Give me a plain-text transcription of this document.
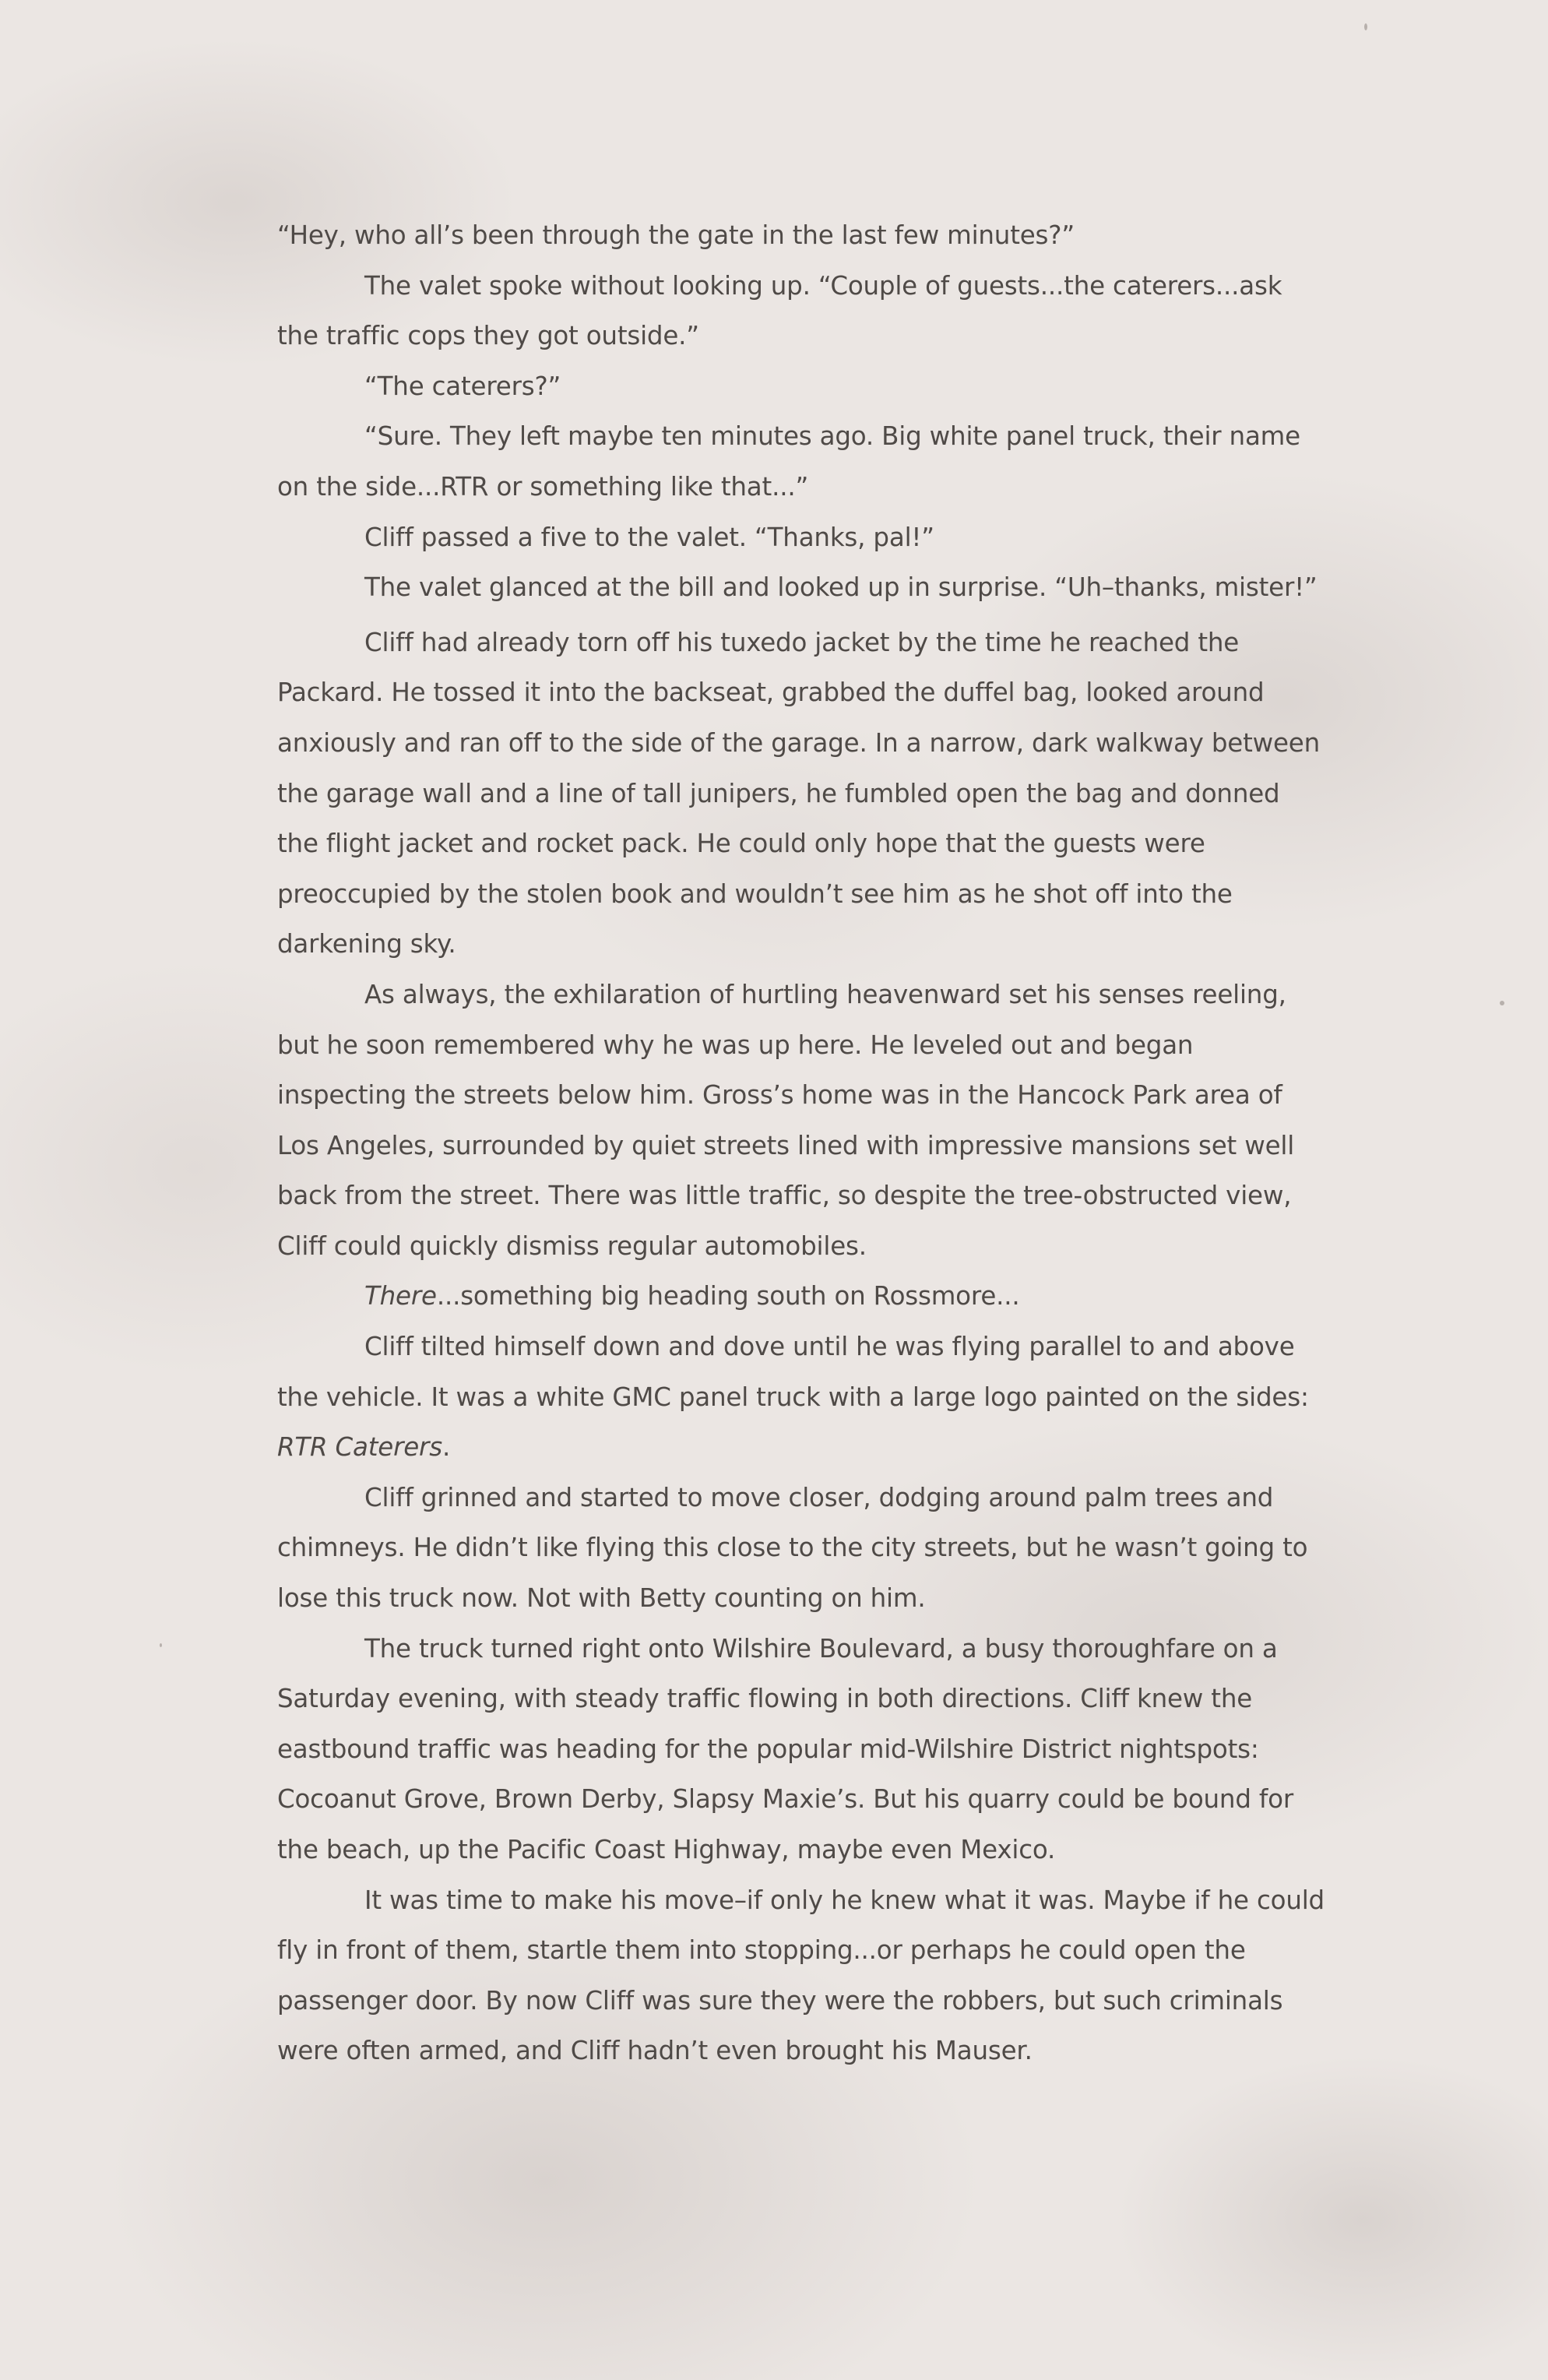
“Hey, who all’s been through the gate in the last few minutes?”

The valet spoke without looking up. “Couple of guests...the caterers...ask the traffic cops they got outside.”

“The caterers?”

“Sure. They left maybe ten minutes ago. Big white panel truck, their name on the side...RTR or something like that...”

Cliff passed a five to the valet. “Thanks, pal!”

The valet glanced at the bill and looked up in surprise. “Uh–thanks, mister!”

Cliff had already torn off his tuxedo jacket by the time he reached the Packard. He tossed it into the backseat, grabbed the duffel bag, looked around anxiously and ran off to the side of the garage. In a narrow, dark walkway between the garage wall and a line of tall junipers, he fumbled open the bag and donned the flight jacket and rocket pack. He could only hope that the guests were preoccupied by the stolen book and wouldn’t see him as he shot off into the darkening sky.

As always, the exhilaration of hurtling heavenward set his senses reeling, but he soon remembered why he was up here. He leveled out and began inspecting the streets below him. Gross’s home was in the Hancock Park area of Los Angeles, surrounded by quiet streets lined with impressive mansions set well back from the street. There was little traffic, so despite the tree-obstructed view, Cliff could quickly dismiss regular automobiles.

There...something big heading south on Rossmore...

Cliff tilted himself down and dove until he was flying parallel to and above the vehicle. It was a white GMC panel truck with a large logo painted on the sides:
RTR Caterers.

Cliff grinned and started to move closer, dodging around palm trees and chimneys. He didn’t like flying this close to the city streets, but he wasn’t going to lose this truck now. Not with Betty counting on him.

The truck turned right onto Wilshire Boulevard, a busy thoroughfare on a Saturday evening, with steady traffic flowing in both directions. Cliff knew the eastbound traffic was heading for the popular mid-Wilshire District nightspots: Cocoanut Grove, Brown Derby, Slapsy Maxie’s. But his quarry could be bound for the beach, up the Pacific Coast Highway, maybe even Mexico.

It was time to make his move–if only he knew what it was. Maybe if he could fly in front of them, startle them into stopping...or perhaps he could open the passenger door. By now Cliff was sure they were the robbers, but such criminals were often armed, and Cliff hadn’t even brought his Mauser.
